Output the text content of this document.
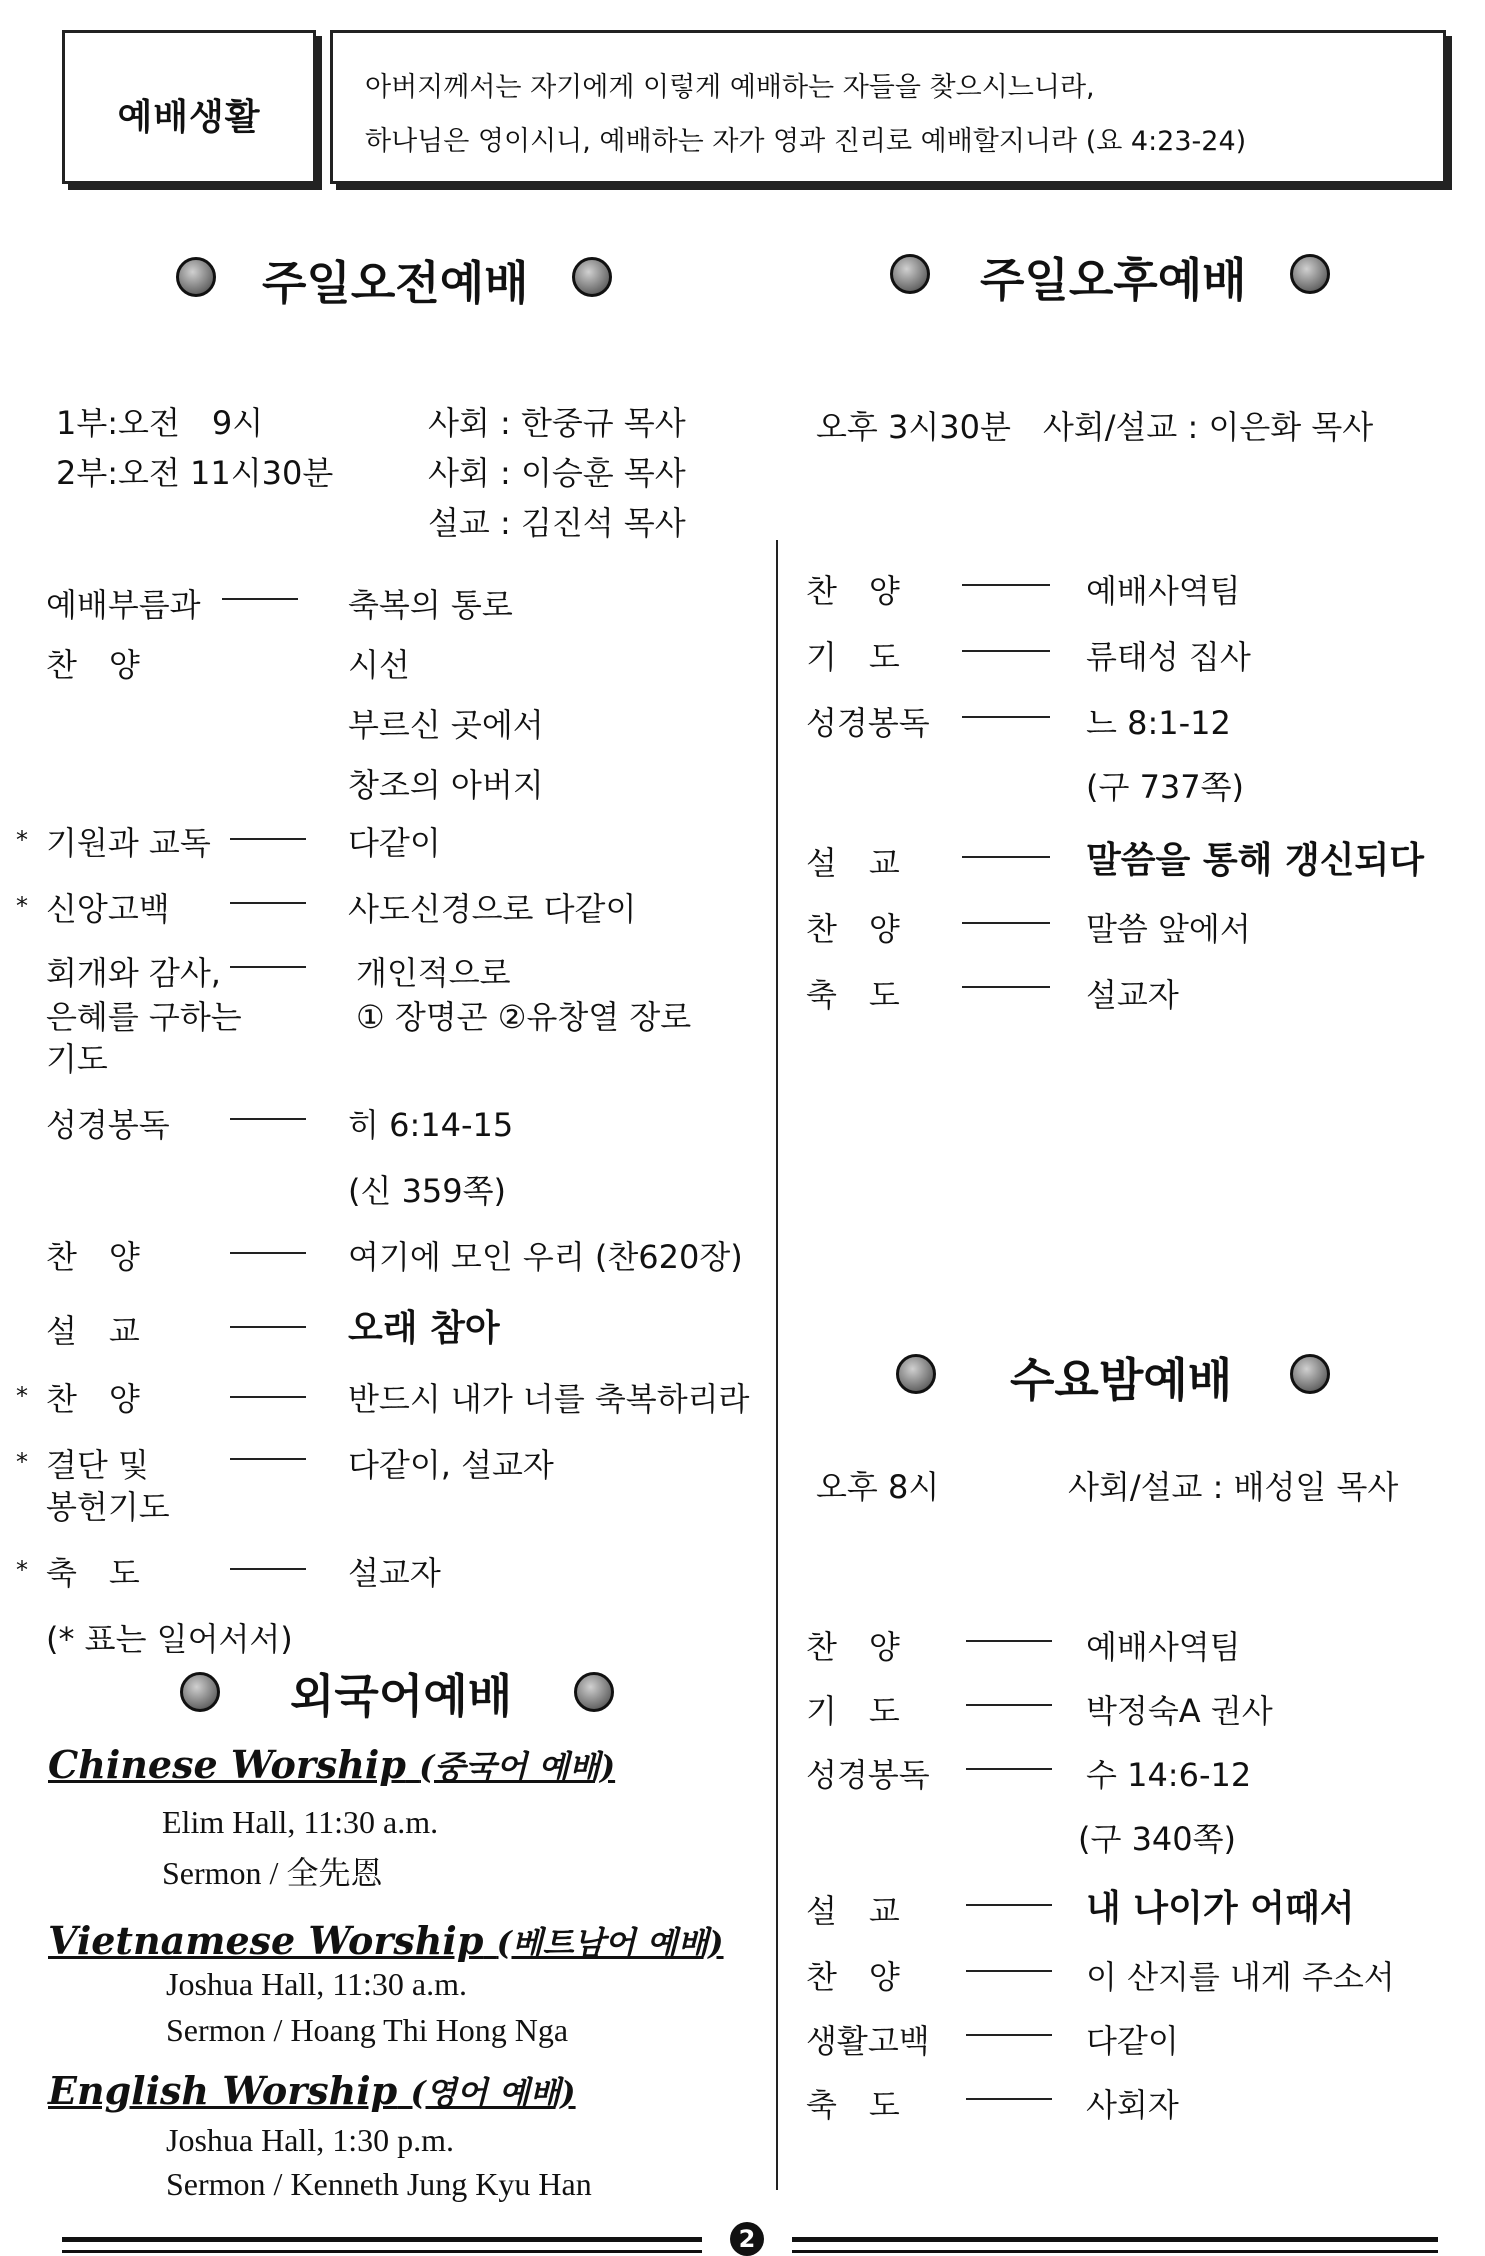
예배생활
아버지께서는 자기에게 이렇게 예배하는 자들을 찾으시느니라,
하나님은 영이시니, 예배하는 자가 영과 진리로 예배할지니라 (요 4:23-24)
주일오전예배	주일오후예배
1부:오전　9시	사회 : 한중규 목사
2부:오전 11시30분	사회 : 이승훈 목사
설교 : 김진석 목사
오후 3시30분　사회/설교 : 이은화 목사
예배부름과	축복의 통로
찬　양	시선
부르신 곳에서
창조의 아버지
* 기원과 교독	다같이
* 신앙고백	사도신경으로 다같이
회개와 감사,	개인적으로
은혜를 구하는	① 장명곤 ②유창열 장로
기도
성경봉독	히 6:14-15
(신 359쪽)
찬　양	여기에 모인 우리 (찬620장)
설　교	오래 참아
* 찬　양	반드시 내가 너를 축복하리라
* 결단 및	다같이, 설교자
봉헌기도
* 축　도	설교자
(* 표는 일어서서)
찬　양	예배사역팀
기　도	류태성 집사
성경봉독	느 8:1-12
(구 737쪽)
설　교	말씀을 통해 갱신되다
찬　양	말씀 앞에서
축　도	설교자
수요밤예배
오후 8시	사회/설교 : 배성일 목사
찬　양	예배사역팀
기　도	박정숙A 권사
성경봉독	수 14:6-12
(구 340쪽)
설　교	내 나이가 어때서
찬　양	이 산지를 내게 주소서
생활고백	다같이
축　도	사회자
외국어예배
Chinese Worship (중국어 예배)
Elim Hall, 11:30 a.m.
Sermon / 全先恩
Vietnamese Worship (베트남어 예배)
Joshua Hall, 11:30 a.m.
Sermon / Hoang Thi Hong Nga
English Worship (영어 예배)
Joshua Hall, 1:30 p.m.
Sermon / Kenneth Jung Kyu Han
2
